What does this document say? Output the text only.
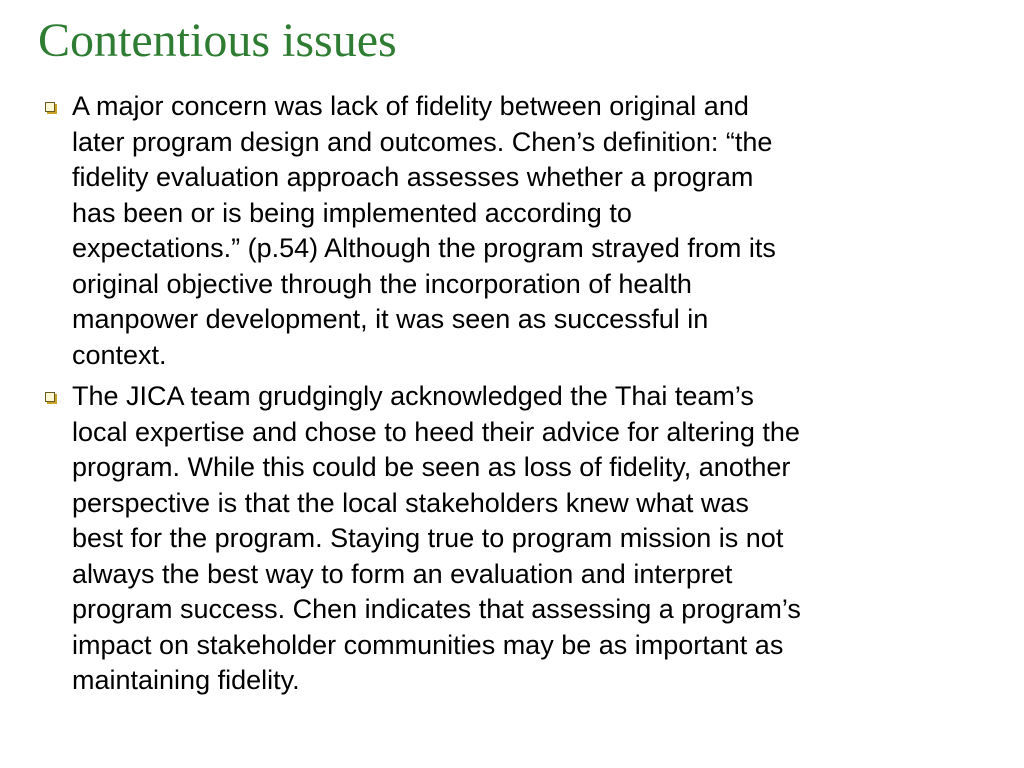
Contentious issues
A major concern was lack of fidelity between original and
later program design and outcomes. Chen’s definition: “the
fidelity evaluation approach assesses whether a program
has been or is being implemented according to
expectations.” (p.54) Although the program strayed from its
original objective through the incorporation of health
manpower development, it was seen as successful in
context.
The JICA team grudgingly acknowledged the Thai team’s
local expertise and chose to heed their advice for altering the
program. While this could be seen as loss of fidelity, another
perspective is that the local stakeholders knew what was
best for the program. Staying true to program mission is not
always the best way to form an evaluation and interpret
program success. Chen indicates that assessing a program’s
impact on stakeholder communities may be as important as
maintaining fidelity.
